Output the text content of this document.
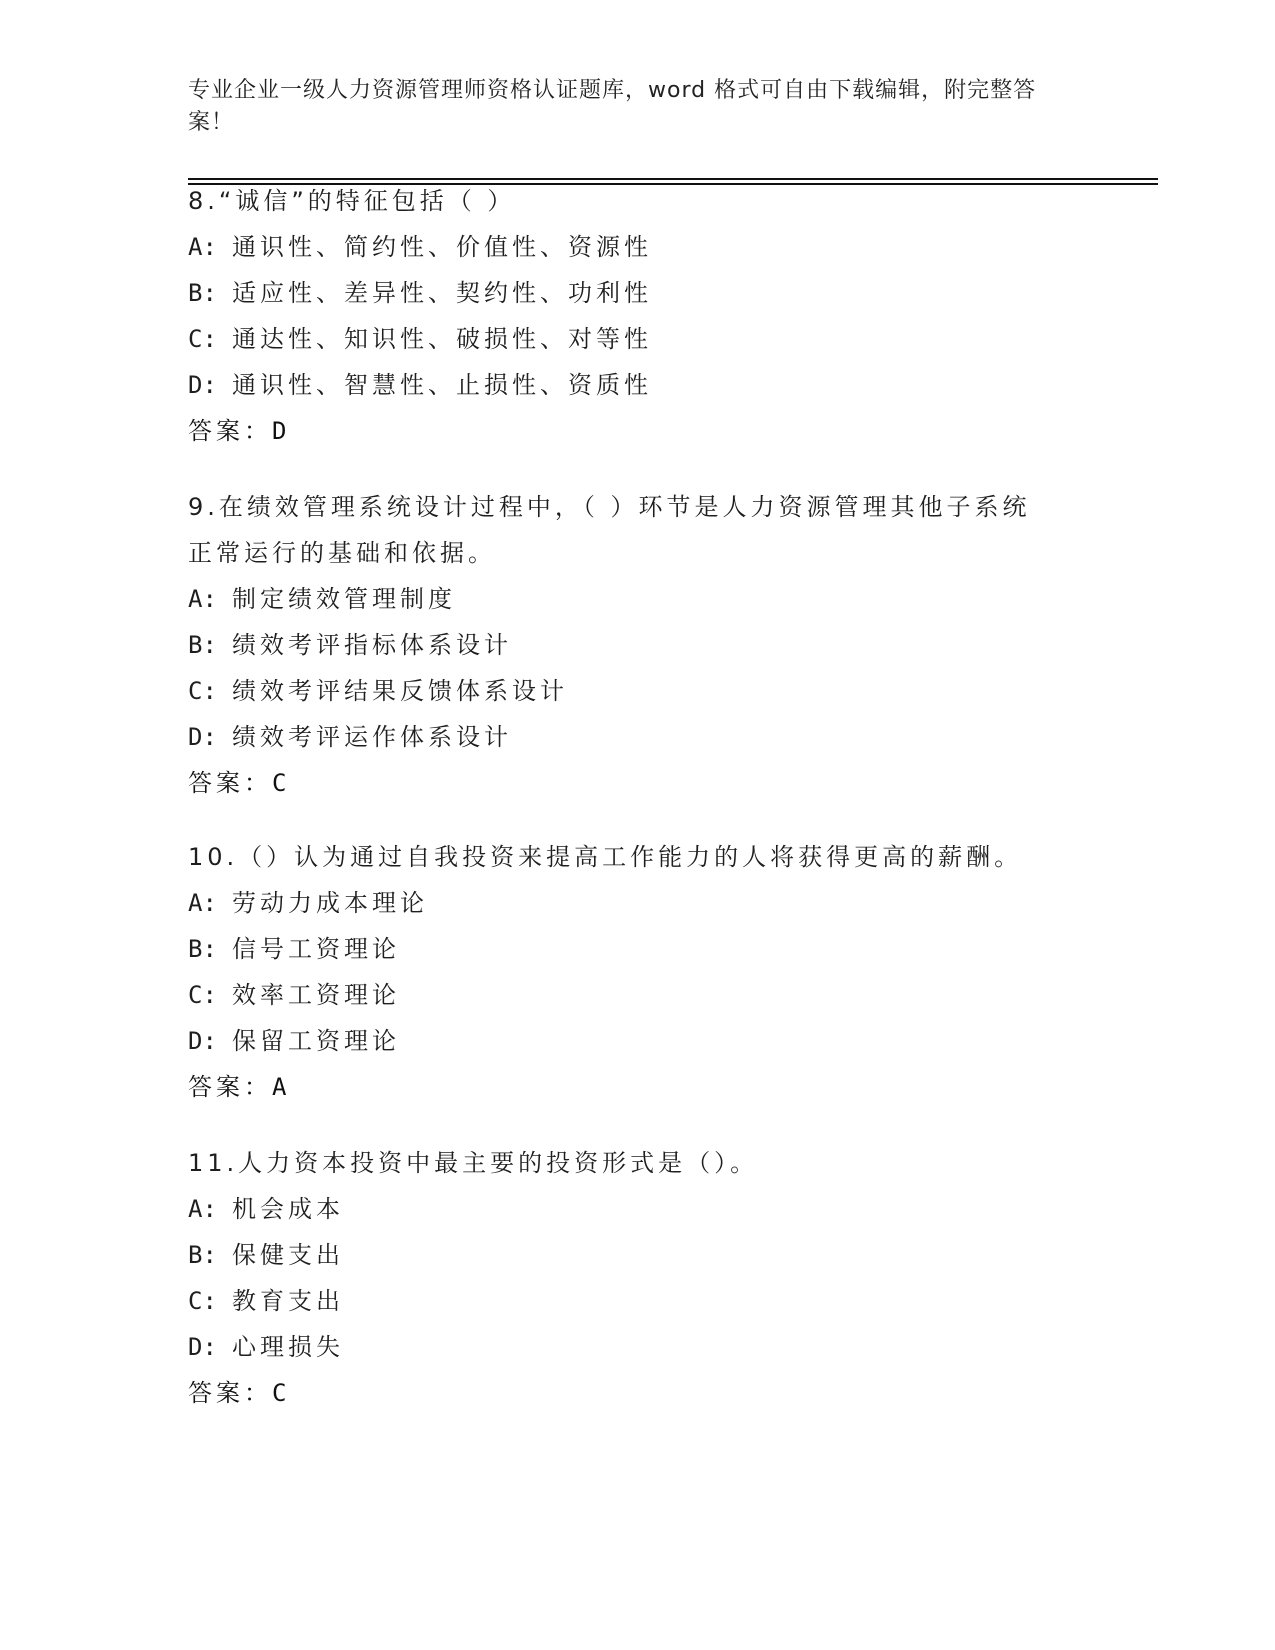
专业企业一级人力资源管理师资格认证题库，word 格式可自由下载编辑，附完整答案！
8.“诚信”的特征包括（ ）
A: 通识性、简约性、价值性、资源性
B: 适应性、差异性、契约性、功利性
C: 通达性、知识性、破损性、对等性
D: 通识性、智慧性、止损性、资质性
答案：D
9.在绩效管理系统设计过程中，（ ）环节是人力资源管理其他子系统正常运行的基础和依据。
A: 制定绩效管理制度
B: 绩效考评指标体系设计
C: 绩效考评结果反馈体系设计
D: 绩效考评运作体系设计
答案：C
10.（）认为通过自我投资来提高工作能力的人将获得更高的薪酬。
A: 劳动力成本理论
B: 信号工资理论
C: 效率工资理论
D: 保留工资理论
答案：A
11.人力资本投资中最主要的投资形式是（）。
A: 机会成本
B: 保健支出
C: 教育支出
D: 心理损失
答案：C
